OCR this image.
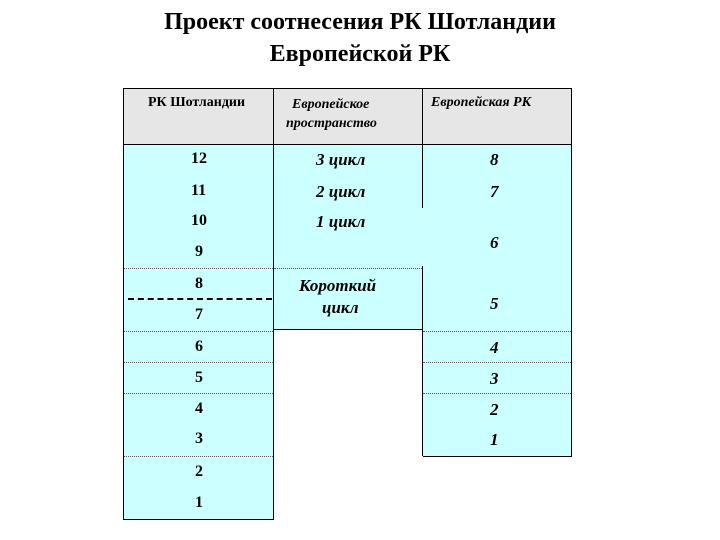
Проект соотнесения РК Шотландии
Европейской РК
РК Шотландии	Европейское
пространство
Европейская РК
12
11
10
9
8
7
6
5
4
3
2
1
3 цикл
2 цикл
1 цикл
Короткий
цикл
8
7
6
5
4
3
2
1
